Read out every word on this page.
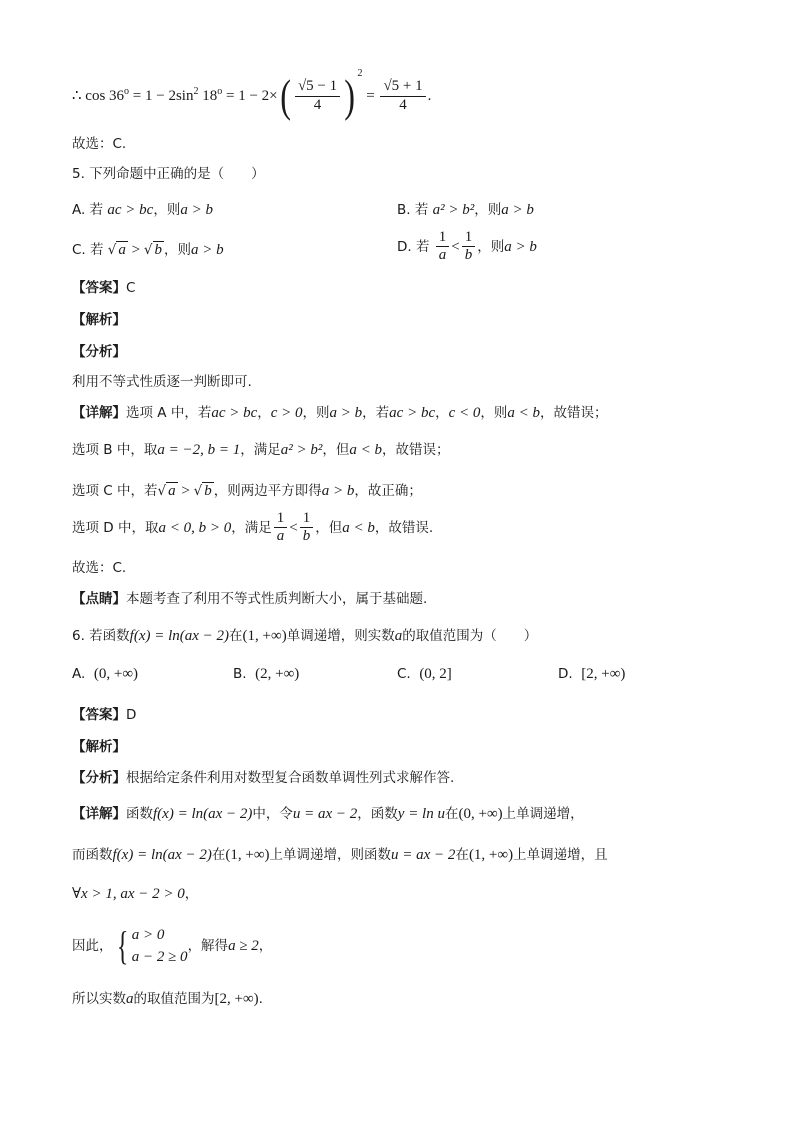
∴ $\cos 36^o = 1 - 2\sin^2$ $18^o = 1 - 2\times( \frac{√5 - 1}{4}$ ) $^2 = \frac{√5 + 1}{4}$ .
故选：C.
5. 下列命题中正确的是（　　）
A. 若 ac > bc，则a > b	B. 若 a² > b²，则a > b
C. 若 √ a > √ b ，则a > b	D. 若 $\frac{1}{a} < \frac{1}{b}$ ，则a > b
【答案】C
【解析】
【分析】
利用不等式性质逐一判断即可.
【详解】选项 A 中，若ac > bc，c > 0，则a > b，若ac > bc，c < 0，则a < b，故错误；
选项 B 中，取a = −2, b = 1，满足a² > b²，但a < b，故错误；
选项 C 中，若√ a > √ b ，则两边平方即得a > b，故正确；
选项 D 中，取a < 0, b > 0，满足 $\frac{1}{a} < \frac{1}{b}$ ，但a < b，故错误.
故选：C.
【点睛】本题考查了利用不等式性质判断大小，属于基础题.
6. 若函数f(x) = ln(ax − 2)在(1, +∞)单调递增，则实数a的取值范围为（　　）
A. (0, +∞)	B. (2, +∞)	C. (0, 2]	D. [2, +∞)
【答案】D
【解析】
【分析】根据给定条件利用对数型复合函数单调性列式求解作答.
【详解】函数f(x) = ln(ax − 2)中，令u = ax − 2，函数y = ln u在(0, +∞)上单调递增，
而函数f(x) = ln(ax − 2)在(1, +∞)上单调递增，则函数u = ax − 2在(1, +∞)上单调递增，且
∀x > 1, ax − 2 > 0，
因此，{ a > 0
a − 2 ≥ 0
，解得a ≥ 2，
所以实数a的取值范围为[2, +∞).
